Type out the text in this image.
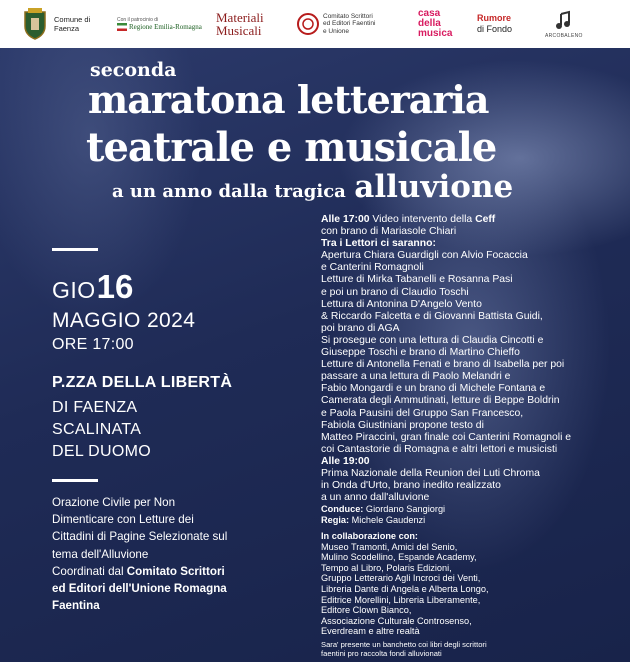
Comune di Faenza
Con il patrocinio di
Regione Emilia-Romagna
Materiali
Musicali
Comitato Scrittori
ed Editori Faentini
e Unione
casa
della
musica
Rumore
di Fondo
ARCOBALENO
seconda
maratona letteraria
teatrale e musicale
a un anno dalla tragica alluvione
GIO16
MAGGIO 2024
ORE 17:00
P.ZZA DELLA LIBERTÀ
DI FAENZA
SCALINATA
DEL DUOMO
Orazione Civile per Non
Dimenticare con Letture dei
Cittadini di Pagine Selezionate sul
tema dell'Alluvione
Coordinati dal Comitato Scrittori
ed Editori dell'Unione Romagna
Faentina
Alle 17:00 Video intervento della Ceff
con brano di Mariasole Chiari
Tra i Lettori ci saranno:
Apertura Chiara Guardigli con Alvio Focaccia
e Canterini Romagnoli
Letture di Mirka Tabanelli e Rosanna Pasi
e poi un brano di Claudio Toschi
Lettura di Antonina D'Angelo Vento
& Riccardo Falcetta e di Giovanni Battista Guidi,
poi brano di AGA
Si prosegue con una lettura di Claudia Cincotti e
Giuseppe Toschi e brano di Martino Chieffo
Letture di Antonella Fenati e brano di Isabella per poi
passare a una lettura di Paolo Melandri e
Fabio Mongardi e un brano di Michele Fontana e
Camerata degli Ammutinati, letture di Beppe Boldrin
e Paola Pausini del Gruppo San Francesco,
Fabiola Giustiniani propone testo di
Matteo Piraccini, gran finale coi Canterini Romagnoli e
coi Cantastorie di Romagna e altri lettori e musicisti
Alle 19:00
Prima Nazionale della Reunion dei Luti Chroma
in Onda d'Urto, brano inedito realizzato
a un anno dall'alluvione
Conduce: Giordano Sangiorgi
Regia: Michele Gaudenzi
In collaborazione con:
Museo Tramonti, Amici del Senio,
Mulino Scodellino, Espande Academy,
Tempo al Libro, Polaris Edizioni,
Gruppo Letterario Agli Incroci dei Venti,
Libreria Dante di Angela e Alberta Longo,
Editrice Morellini, Libreria Liberamente,
Editore Clown Bianco,
Associazione Culturale Controsenso,
Everdream e altre realtà
Sara' presente un banchetto coi libri degli scrittori
faentini pro raccolta fondi alluvionati
